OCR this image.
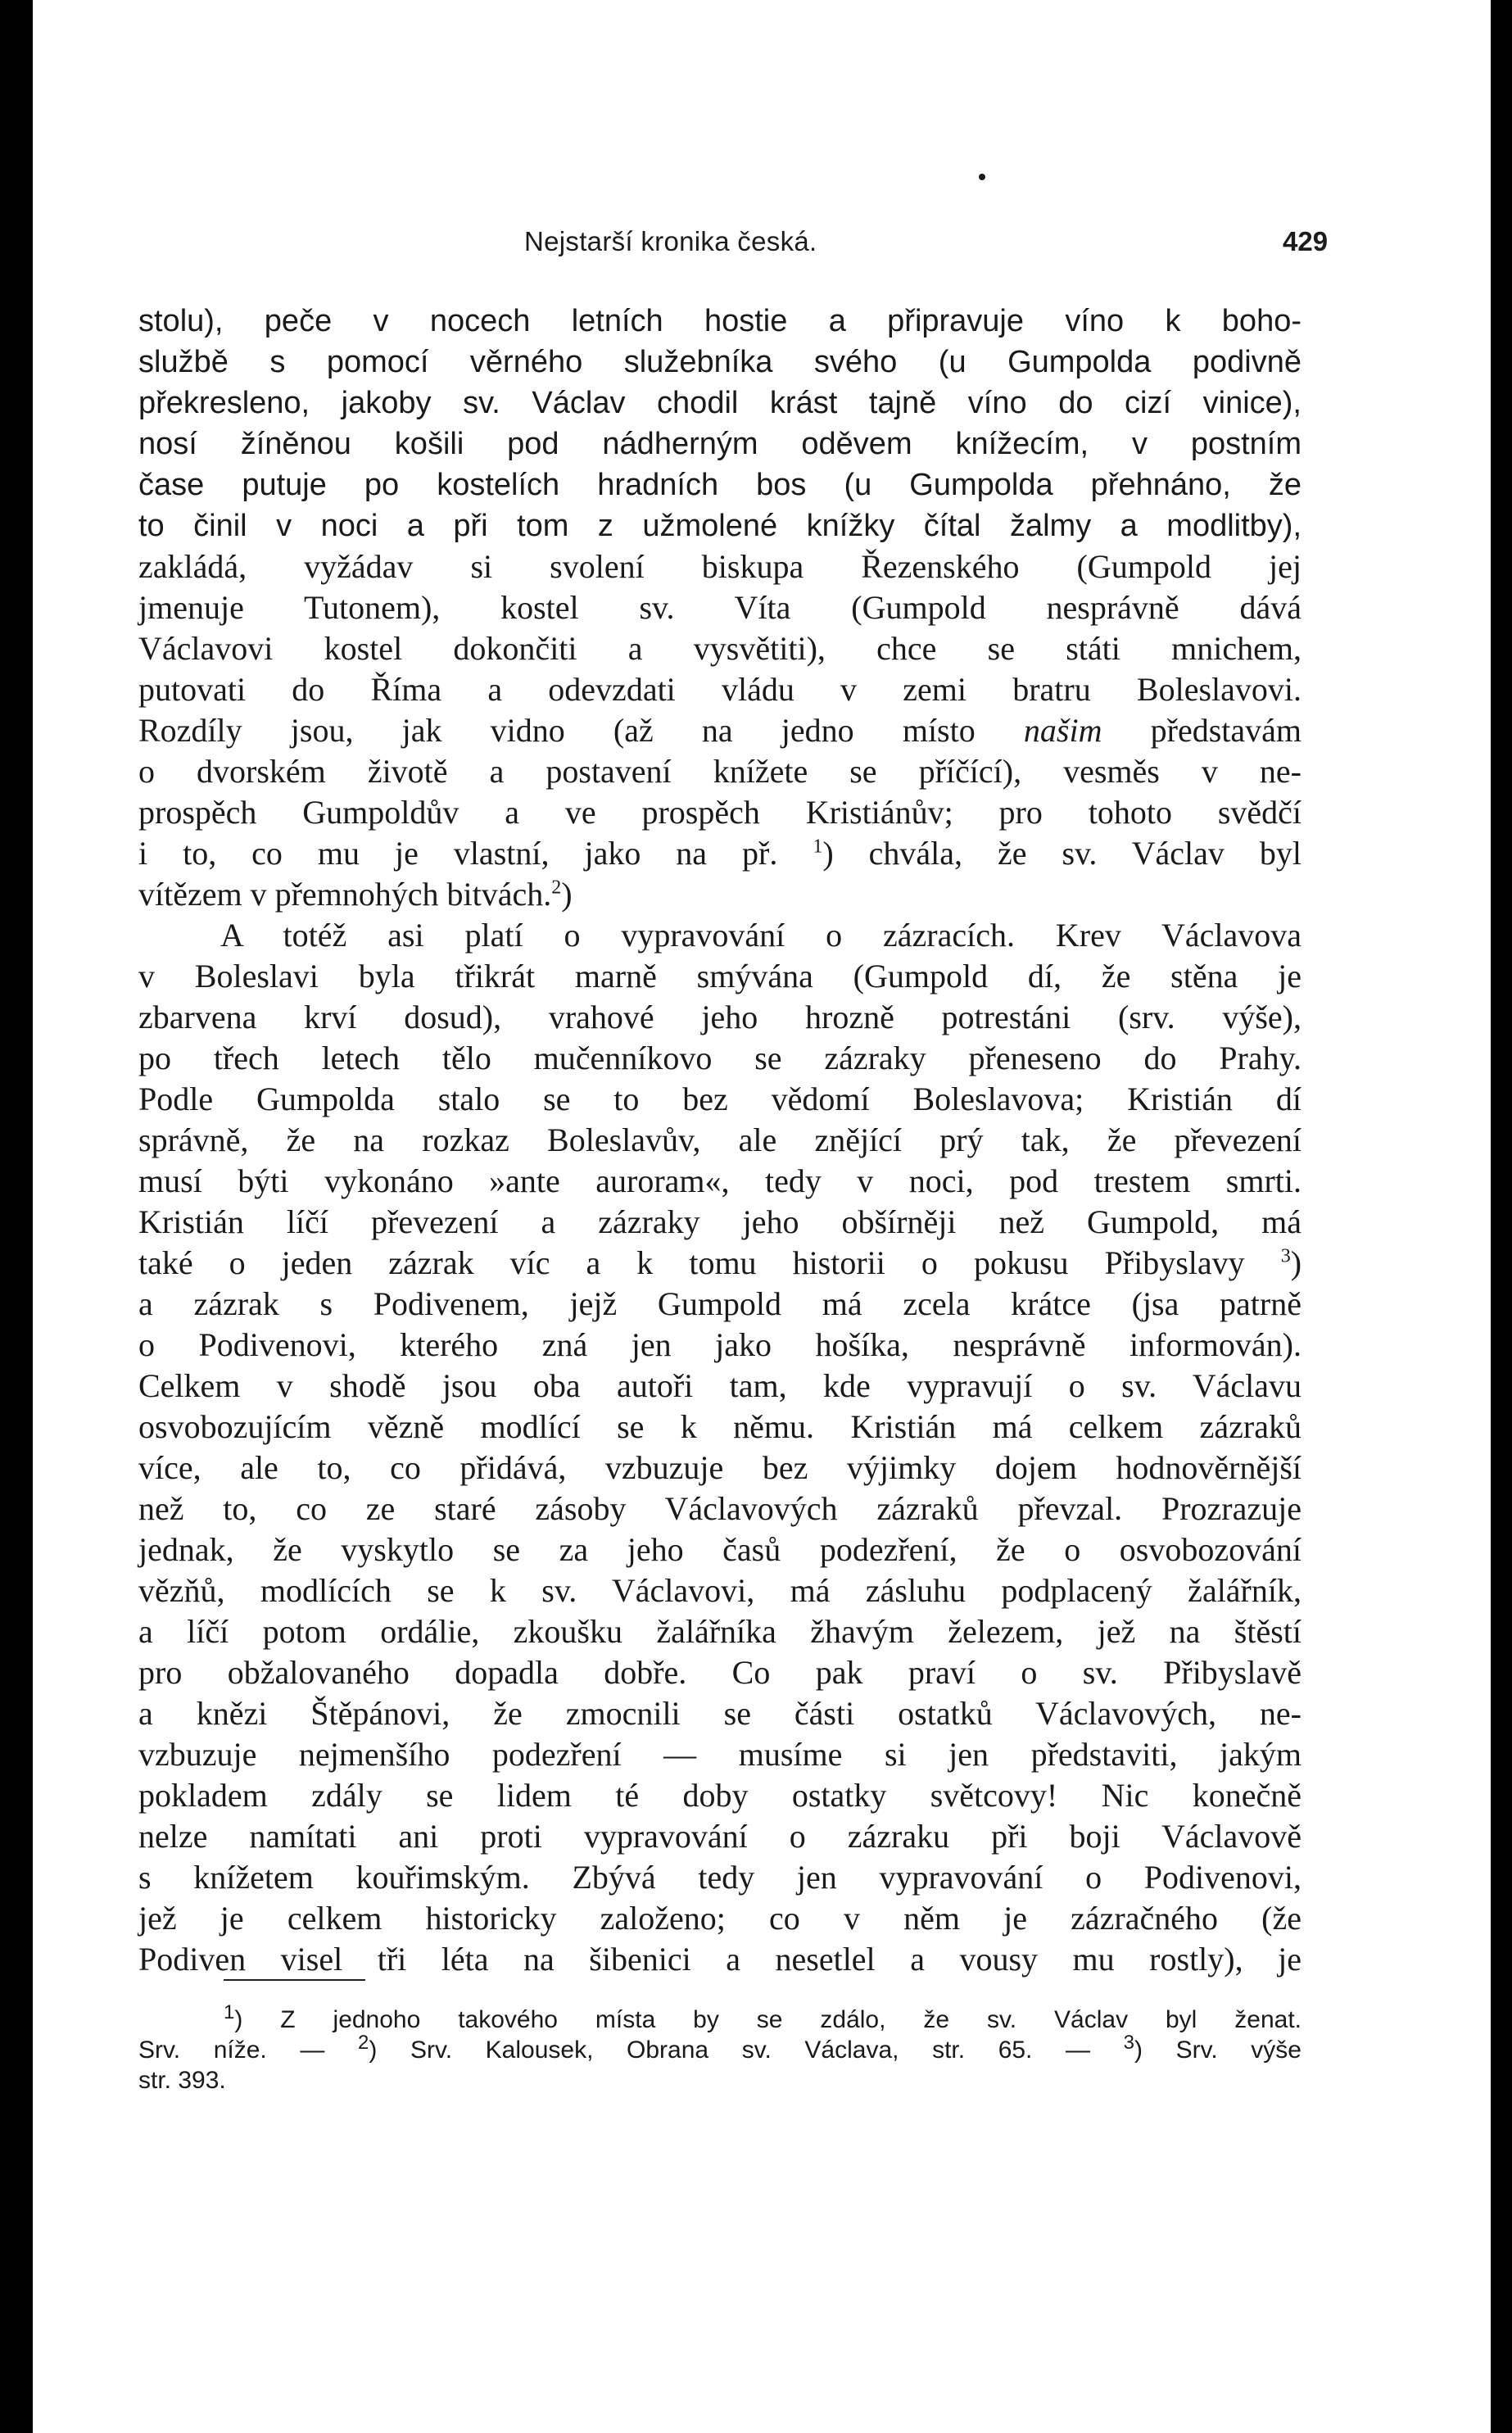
Nejstarší kronika česká.	429
stolu), peče v nocech letních hostie a připravuje víno k boho-
službě s pomocí věrného služebníka svého (u Gumpolda podivně
překresleno, jakoby sv. Václav chodil krást tajně víno do cizí vinice),
nosí žíněnou košili pod nádherným oděvem knížecím, v postním
čase putuje po kostelích hradních bos (u Gumpolda přehnáno, že
to činil v noci a při tom z užmolené knížky čítal žalmy a modlitby),
zakládá, vyžádav si svolení biskupa Řezenského (Gumpold jej
jmenuje Tutonem), kostel sv. Víta (Gumpold nesprávně dává
Václavovi kostel dokončiti a vysvětiti), chce se státi mnichem,
putovati do Říma a odevzdati vládu v zemi bratru Boleslavovi.
Rozdíly jsou, jak vidno (až na jedno místo našim představám
o dvorském životě a postavení knížete se příčící), vesměs v ne-
prospěch Gumpoldův a ve prospěch Kristiánův; pro tohoto svědčí
i to, co mu je vlastní, jako na př. $^1$) chvála, že sv. Václav byl
vítězem v přemnohých bitvách.$^2$)
A totéž asi platí o vypravování o zázracích. Krev Václavova
v Boleslavi byla třikrát marně smývána (Gumpold dí, že stěna je
zbarvena krví dosud), vrahové jeho hrozně potrestáni (srv. výše),
po třech letech tělo mučenníkovo se zázraky přeneseno do Prahy.
Podle Gumpolda stalo se to bez vědomí Boleslavova; Kristián dí
správně, že na rozkaz Boleslavův, ale znějící prý tak, že převezení
musí býti vykonáno »ante auroram«, tedy v noci, pod trestem smrti.
Kristián líčí převezení a zázraky jeho obšírněji než Gumpold, má
také o jeden zázrak víc a k tomu historii o pokusu Přibyslavy $^3$)
a zázrak s Podivenem, jejž Gumpold má zcela krátce (jsa patrně
o Podivenovi, kterého zná jen jako hošíka, nesprávně informován).
Celkem v shodě jsou oba autoři tam, kde vypravují o sv. Václavu
osvobozujícím vězně modlící se k němu. Kristián má celkem zázraků
více, ale to, co přidává, vzbuzuje bez výjimky dojem hodnověrnější
než to, co ze staré zásoby Václavových zázraků převzal. Prozrazuje
jednak, že vyskytlo se za jeho časů podezření, že o osvobozování
vězňů, modlících se k sv. Václavovi, má zásluhu podplacený žalářník,
a líčí potom ordálie, zkoušku žalářníka žhavým železem, jež na štěstí
pro obžalovaného dopadla dobře. Co pak praví o sv. Přibyslavě
a knězi Štěpánovi, že zmocnili se části ostatků Václavových, ne-
vzbuzuje nejmenšího podezření — musíme si jen představiti, jakým
pokladem zdály se lidem té doby ostatky světcovy! Nic konečně
nelze namítati ani proti vypravování o zázraku při boji Václavově
s knížetem kouřimským. Zbývá tedy jen vypravování o Podivenovi,
jež je celkem historicky založeno; co v něm je zázračného (že
Podiven visel tři léta na šibenici a nesetlel a vousy mu rostly), je
$^1$) Z jednoho takového místa by se zdálo, že sv. Václav byl ženat.
Srv. níže. — $^2$) Srv. Kalousek, Obrana sv. Václava, str. 65. — $^3$) Srv. výše
str. 393.
